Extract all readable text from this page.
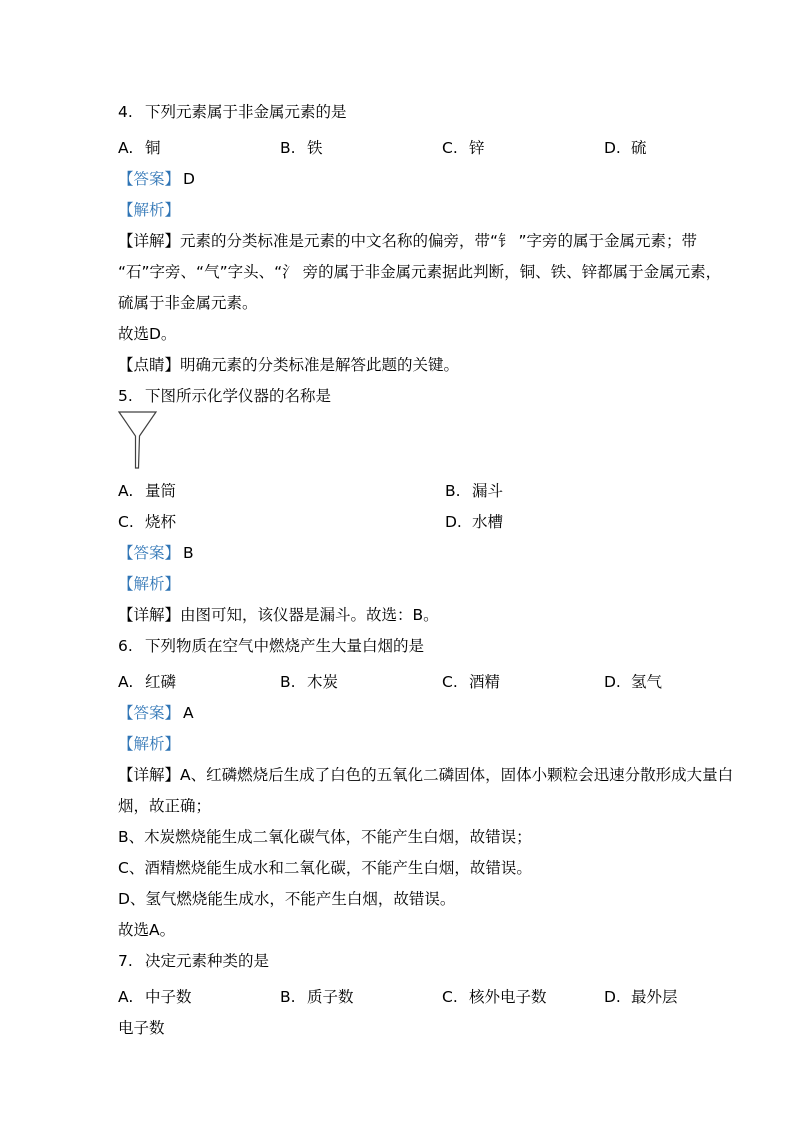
4. 下列元素属于非金属元素的是
A. 铜	B. 铁	C. 锌	D. 硫
【答案】 D
【解析】
【详解】元素的分类标准是元素的中文名称的偏旁，带“钅 ”字旁的属于金属元素；带
“石”字旁、“气”字头、“氵 旁的属于非金属元素据此判断，铜、铁、锌都属于金属元素，
硫属于非金属元素。
故选D。
【点睛】明确元素的分类标准是解答此题的关键。
5. 下图所示化学仪器的名称是
A. 量筒	B. 漏斗
C. 烧杯	D. 水槽
【答案】 B
【解析】
【详解】由图可知，该仪器是漏斗。故选：B。
6. 下列物质在空气中燃烧产生大量白烟的是
A. 红磷	B. 木炭	C. 酒精	D. 氢气
【答案】 A
【解析】
【详解】A、红磷燃烧后生成了白色的五氧化二磷固体，固体小颗粒会迅速分散形成大量白
烟，故正确；
B、木炭燃烧能生成二氧化碳气体，不能产生白烟，故错误；
C、酒精燃烧能生成水和二氧化碳，不能产生白烟，故错误。
D、氢气燃烧能生成水，不能产生白烟，故错误。
故选A。
7. 决定元素种类的是
A. 中子数	B. 质子数	C. 核外电子数	D. 最外层
电子数
